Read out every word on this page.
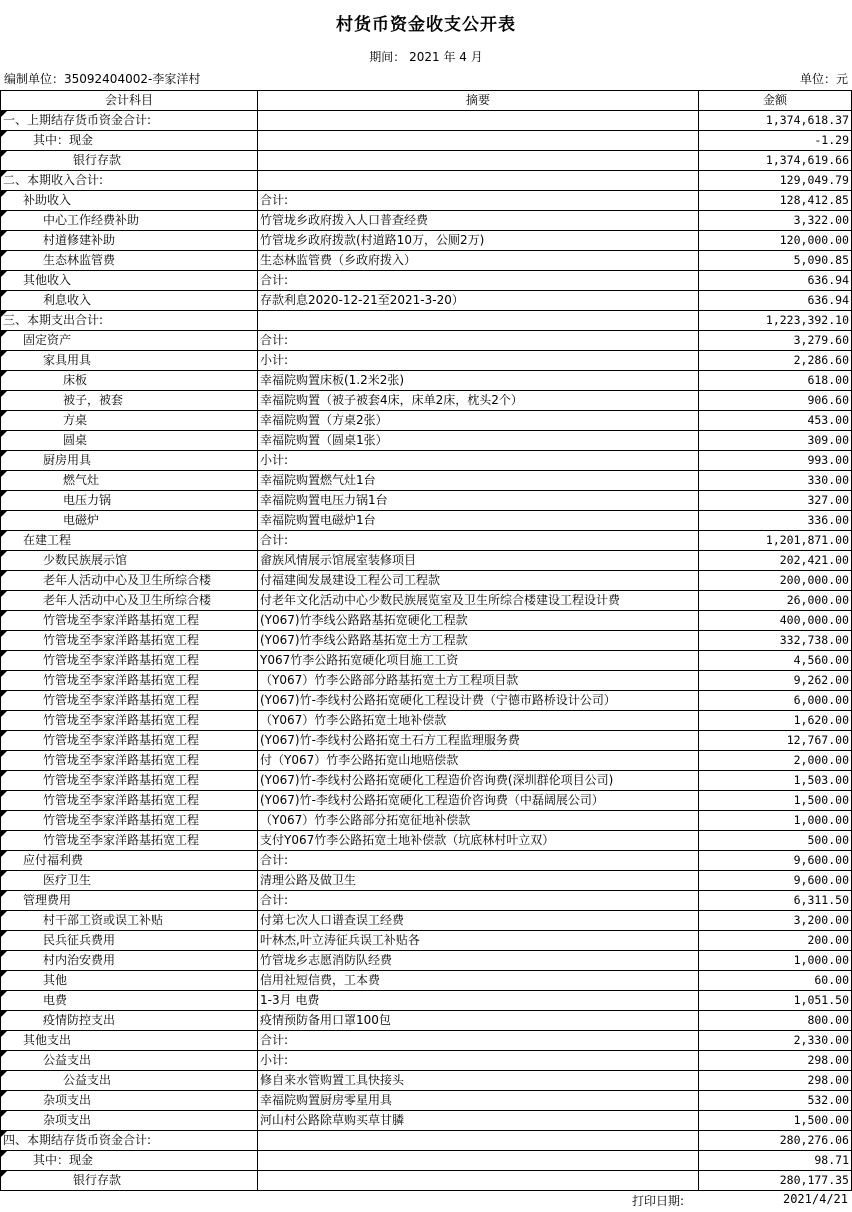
村货币资金收支公开表
期间： 2021 年 4 月
编制单位：35092404002-李家洋村	单位：元
会计科目	摘要	金额
一、上期结存货币资金合计:		1,374,618.37
其中：现金		-1.29
银行存款		1,374,619.66
二、本期收入合计:		129,049.79
补助收入	合计:	128,412.85
中心工作经费补助	竹管垅乡政府拨入人口普查经费	3,322.00
村道修建补助	竹管垅乡政府拨款(村道路10万，公厕2万)	120,000.00
生态林监管费	生态林监管费（乡政府拨入）	5,090.85
其他收入	合计:	636.94
利息收入	存款利息2020-12-21至2021-3-20）	636.94
三、本期支出合计:		1,223,392.10
固定资产	合计:	3,279.60
家具用具	小计:	2,286.60
床板	幸福院购置床板(1.2米2张)	618.00
被子，被套	幸福院购置（被子被套4床，床单2床，枕头2个）	906.60
方桌	幸福院购置（方桌2张）	453.00
圆桌	幸福院购置（圆桌1张）	309.00
厨房用具	小计:	993.00
燃气灶	幸福院购置燃气灶1台	330.00
电压力锅	幸福院购置电压力锅1台	327.00
电磁炉	幸福院购置电磁炉1台	336.00
在建工程	合计:	1,201,871.00
少数民族展示馆	畲族风情展示馆展室装修项目	202,421.00
老年人活动中心及卫生所综合楼	付福建闽发晟建设工程公司工程款	200,000.00
老年人活动中心及卫生所综合楼	付老年文化活动中心少数民族展览室及卫生所综合楼建设工程设计费	26,000.00
竹管垅至李家洋路基拓宽工程	(Y067)竹李线公路路基拓宽硬化工程款	400,000.00
竹管垅至李家洋路基拓宽工程	(Y067)竹李线公路路基拓宽土方工程款	332,738.00
竹管垅至李家洋路基拓宽工程	Y067竹李公路拓宽硬化项目施工工资	4,560.00
竹管垅至李家洋路基拓宽工程	（Y067）竹李公路部分路基拓宽土方工程项目款	9,262.00
竹管垅至李家洋路基拓宽工程	(Y067)竹-李线村公路拓宽硬化工程设计费（宁德市路桥设计公司）	6,000.00
竹管垅至李家洋路基拓宽工程	（Y067）竹李公路拓宽土地补偿款	1,620.00
竹管垅至李家洋路基拓宽工程	(Y067)竹-李线村公路拓宽土石方工程监理服务费	12,767.00
竹管垅至李家洋路基拓宽工程	付（Y067）竹李公路拓宽山地赔偿款	2,000.00
竹管垅至李家洋路基拓宽工程	(Y067)竹-李线村公路拓宽硬化工程造价咨询费(深圳群伦项目公司)	1,503.00
竹管垅至李家洋路基拓宽工程	(Y067)竹-李线村公路拓宽硬化工程造价咨询费（中磊阔展公司）	1,500.00
竹管垅至李家洋路基拓宽工程	（Y067）竹李公路部分拓宽征地补偿款	1,000.00
竹管垅至李家洋路基拓宽工程	支付Y067竹李公路拓宽土地补偿款（坑底林村叶立双）	500.00
应付福利费	合计:	9,600.00
医疗卫生	清理公路及做卫生	9,600.00
管理费用	合计:	6,311.50
村干部工资或误工补贴	付第七次人口谱查误工经费	3,200.00
民兵征兵费用	叶林杰,叶立涛征兵误工补贴各	200.00
村内治安费用	竹管垅乡志愿消防队经费	1,000.00
其他	信用社短信费，工本费	60.00
电费	1-3月 电费	1,051.50
疫情防控支出	疫情预防备用口罩100包	800.00
其他支出	合计:	2,330.00
公益支出	小计:	298.00
公益支出	修自来水管购置工具快接头	298.00
杂项支出	幸福院购置厨房零星用具	532.00
杂项支出	河山村公路除草购买草甘膦	1,500.00
四、本期结存货币资金合计:		280,276.06
其中：现金		98.71
银行存款		280,177.35
打印日期:	2021/4/21
